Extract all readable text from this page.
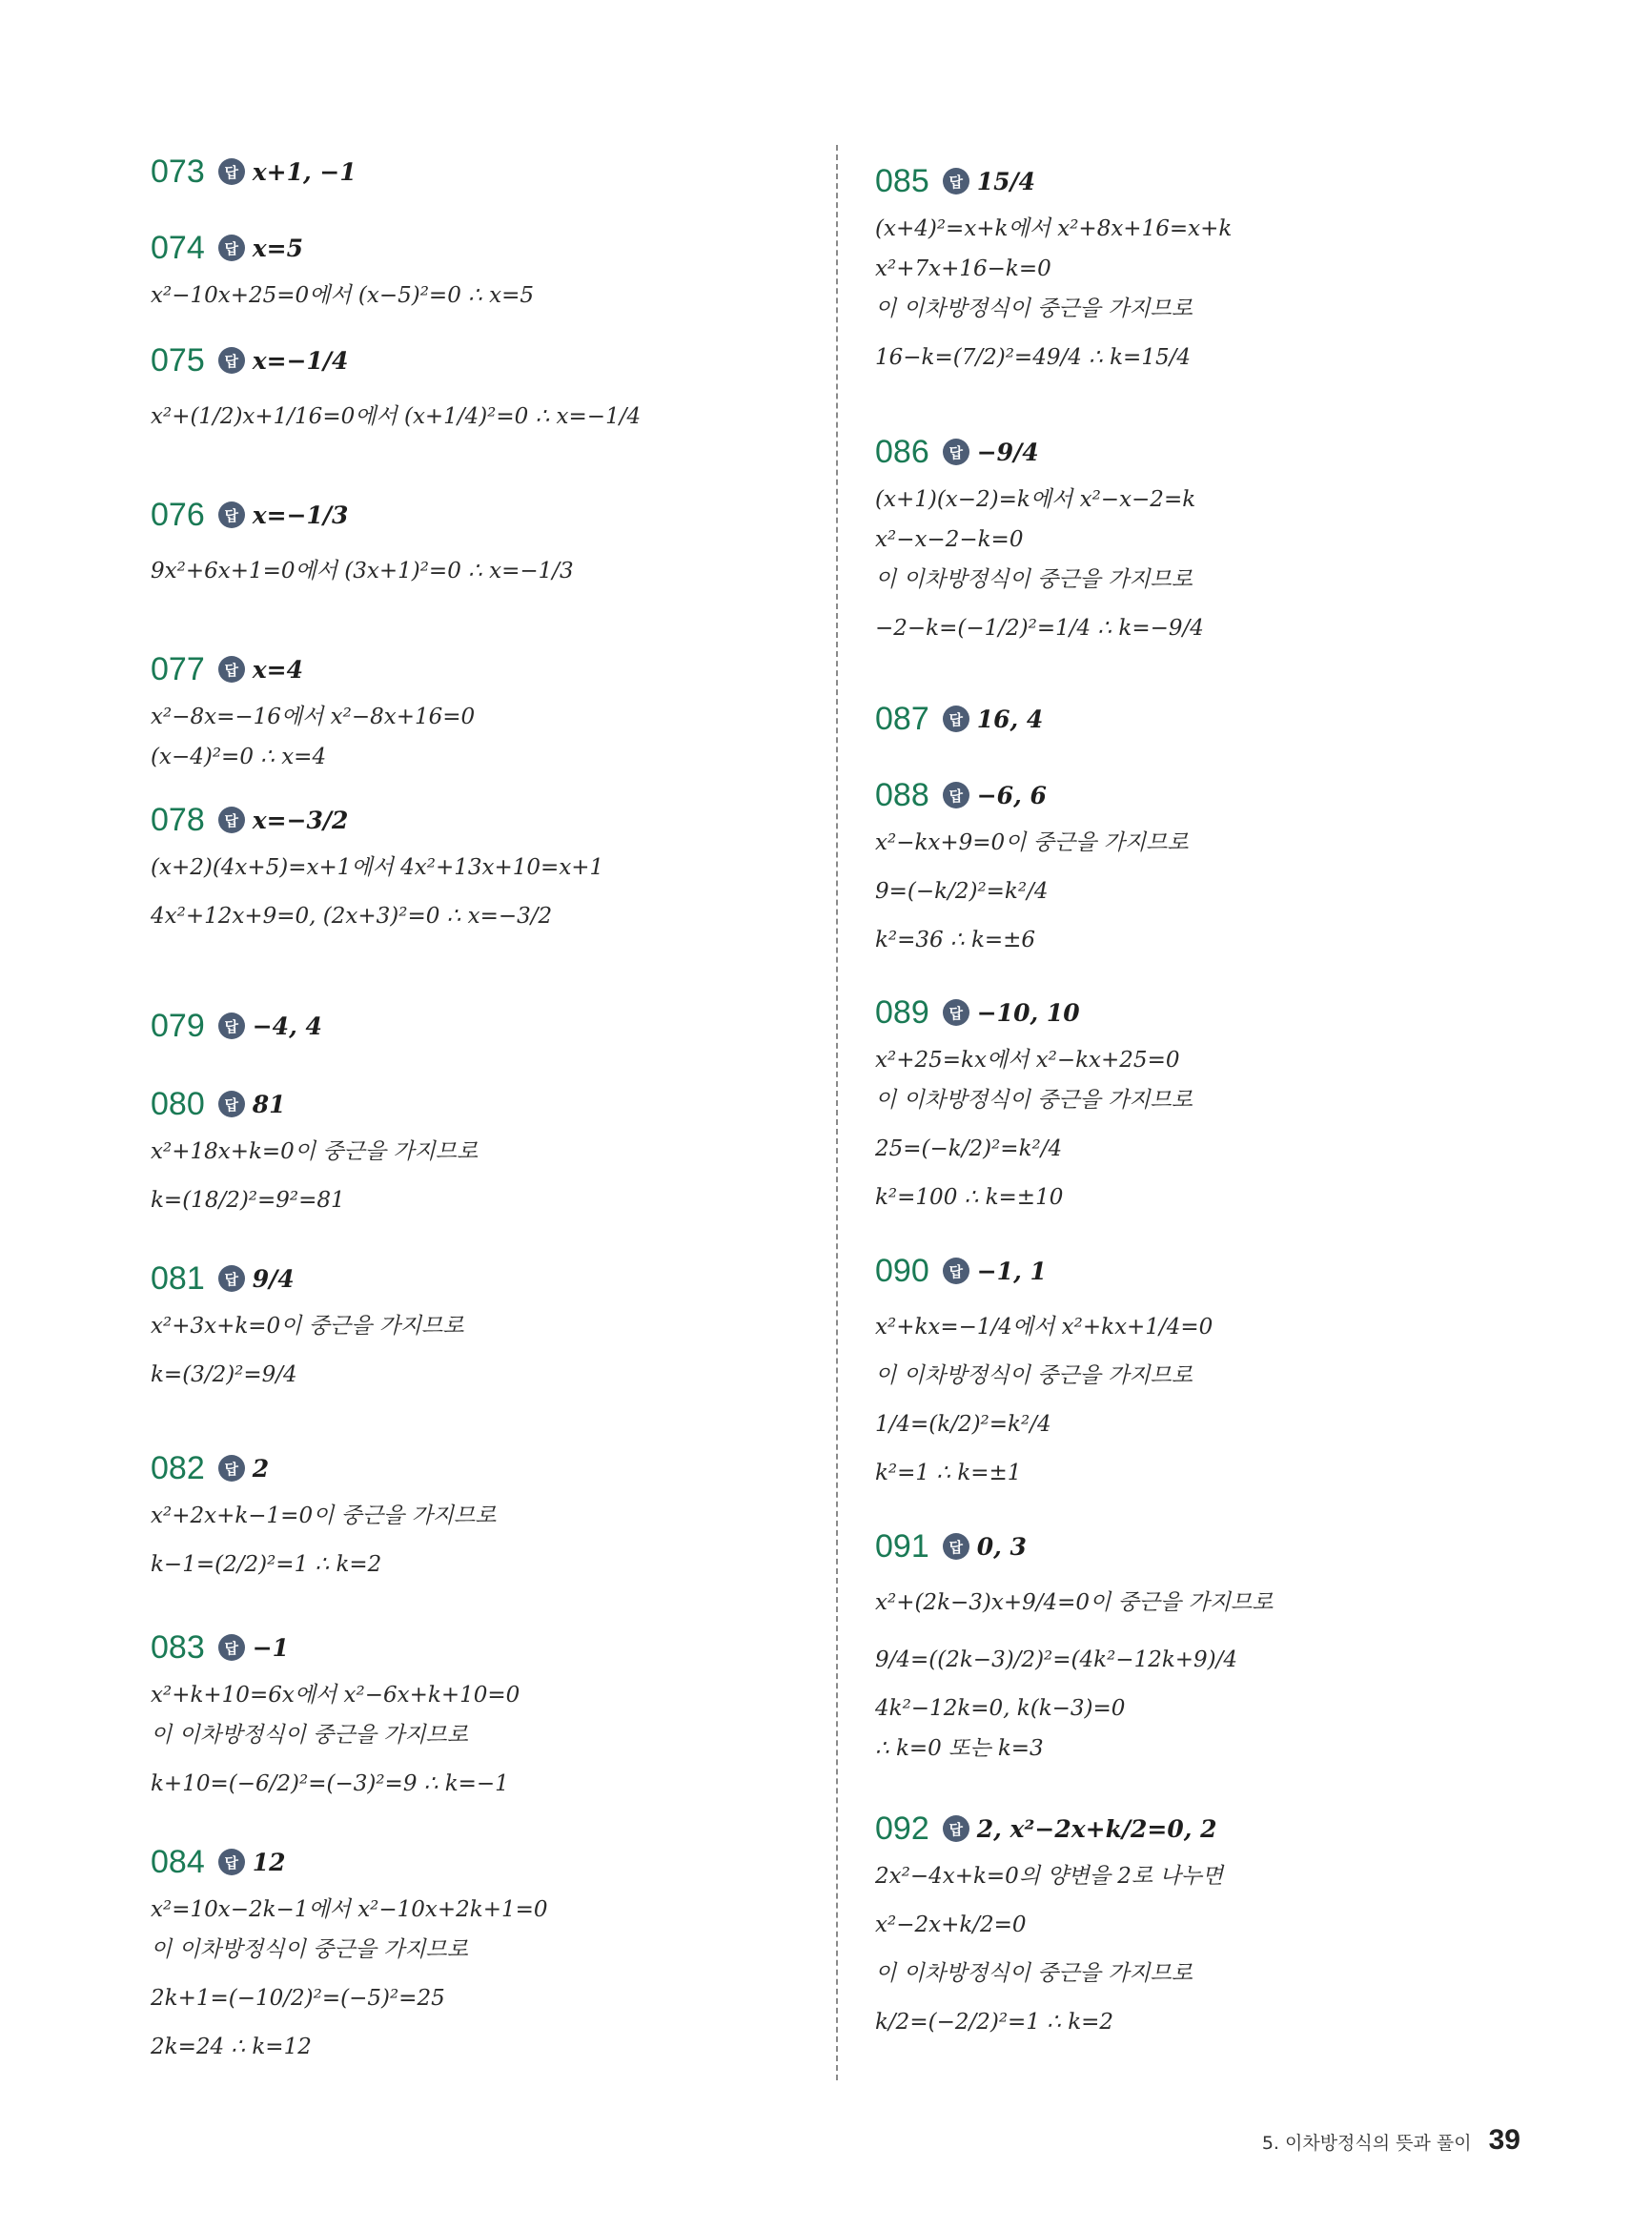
073	답 x+1, −1
074	답 x=5
x²−10x+25=0에서 (x−5)²=0 ∴ x=5
075	답 x=−1/4
x²+(1/2)x+1/16=0에서 (x+1/4)²=0 ∴ x=−1/4
076	답 x=−1/3
9x²+6x+1=0에서 (3x+1)²=0 ∴ x=−1/3
077	답 x=4
x²−8x=−16에서 x²−8x+16=0
(x−4)²=0 ∴ x=4
078	답 x=−3/2
(x+2)(4x+5)=x+1에서 4x²+13x+10=x+1
4x²+12x+9=0, (2x+3)²=0 ∴ x=−3/2
079	답 −4, 4
080	답 81
x²+18x+k=0이 중근을 가지므로
k=(18/2)²=9²=81
081	답 9/4
x²+3x+k=0이 중근을 가지므로
k=(3/2)²=9/4
082	답 2
x²+2x+k−1=0이 중근을 가지므로
k−1=(2/2)²=1 ∴ k=2
083	답 −1
x²+k+10=6x에서 x²−6x+k+10=0
이 이차방정식이 중근을 가지므로
k+10=(−6/2)²=(−3)²=9 ∴ k=−1
084	답 12
x²=10x−2k−1에서 x²−10x+2k+1=0
이 이차방정식이 중근을 가지므로
2k+1=(−10/2)²=(−5)²=25
2k=24 ∴ k=12
085	답 15/4
(x+4)²=x+k에서 x²+8x+16=x+k
x²+7x+16−k=0
이 이차방정식이 중근을 가지므로
16−k=(7/2)²=49/4 ∴ k=15/4
086	답 −9/4
(x+1)(x−2)=k에서 x²−x−2=k
x²−x−2−k=0
이 이차방정식이 중근을 가지므로
−2−k=(−1/2)²=1/4 ∴ k=−9/4
087	답 16, 4
088	답 −6, 6
x²−kx+9=0이 중근을 가지므로
9=(−k/2)²=k²/4
k²=36 ∴ k=±6
089	답 −10, 10
x²+25=kx에서 x²−kx+25=0
이 이차방정식이 중근을 가지므로
25=(−k/2)²=k²/4
k²=100 ∴ k=±10
090	답 −1, 1
x²+kx=−1/4에서 x²+kx+1/4=0
이 이차방정식이 중근을 가지므로
1/4=(k/2)²=k²/4
k²=1 ∴ k=±1
091	답 0, 3
x²+(2k−3)x+9/4=0이 중근을 가지므로
9/4=((2k−3)/2)²=(4k²−12k+9)/4
4k²−12k=0, k(k−3)=0
∴ k=0 또는 k=3
092	답 2, x²−2x+k/2=0, 2
2x²−4x+k=0의 양변을 2로 나누면
x²−2x+k/2=0
이 이차방정식이 중근을 가지므로
k/2=(−2/2)²=1 ∴ k=2
5. 이차방정식의 뜻과 풀이 39
